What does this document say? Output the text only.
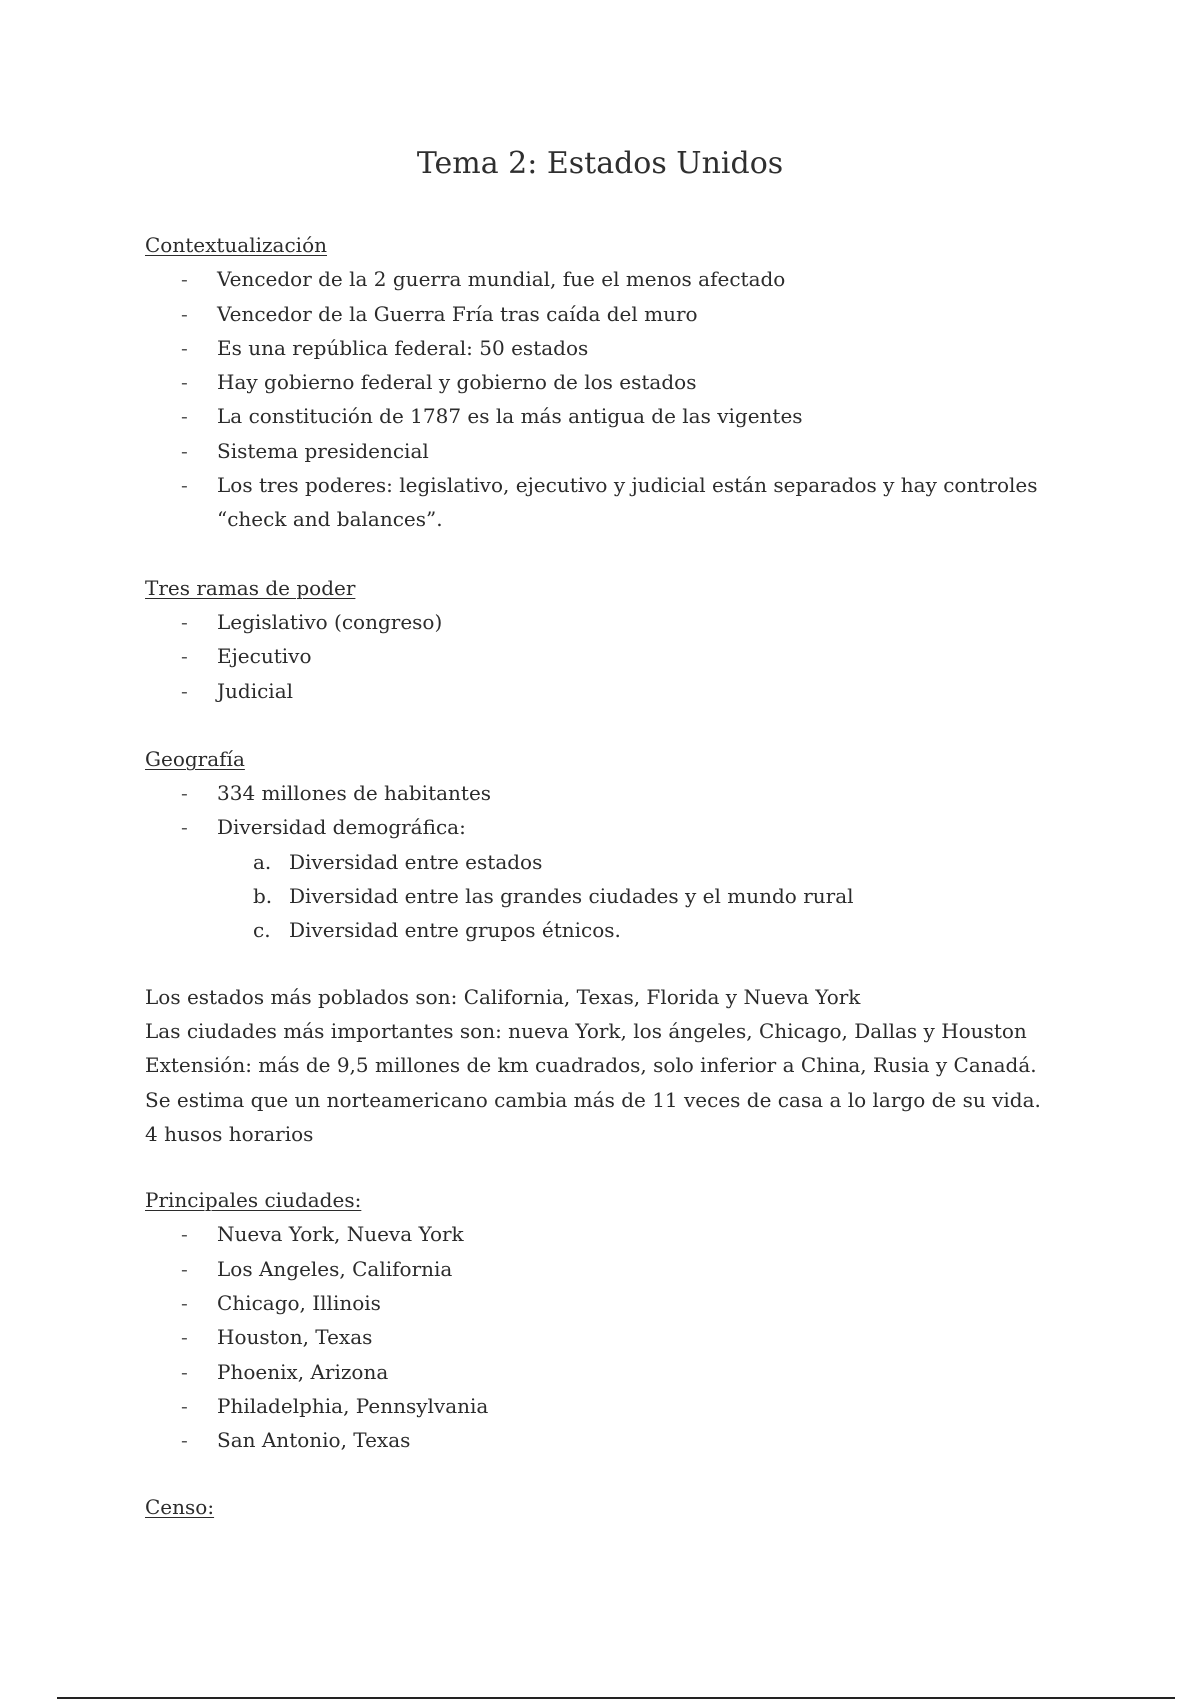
Tema 2: Estados Unidos
Contextualización
- Vencedor de la 2 guerra mundial, fue el menos afectado
- Vencedor de la Guerra Fría tras caída del muro
- Es una república federal: 50 estados
- Hay gobierno federal y gobierno de los estados
- La constitución de 1787 es la más antigua de las vigentes
- Sistema presidencial
- Los tres poderes: legislativo, ejecutivo y judicial están separados y hay controles “check and balances”.
Tres ramas de poder
- Legislativo (congreso)
- Ejecutivo
- Judicial
Geografía
- 334 millones de habitantes
- Diversidad demográfica:
a. Diversidad entre estados
b. Diversidad entre las grandes ciudades y el mundo rural
c. Diversidad entre grupos étnicos.

Los estados más poblados son: California, Texas, Florida y Nueva York

Las ciudades más importantes son: nueva York, los ángeles, Chicago, Dallas y Houston

Extensión: más de 9,5 millones de km cuadrados, solo inferior a China, Rusia y Canadá.

Se estima que un norteamericano cambia más de 11 veces de casa a lo largo de su vida.

4 husos horarios

Principales ciudades:
- Nueva York, Nueva York
- Los Angeles, California
- Chicago, Illinois
- Houston, Texas
- Phoenix, Arizona
- Philadelphia, Pennsylvania
- San Antonio, Texas
Censo:
